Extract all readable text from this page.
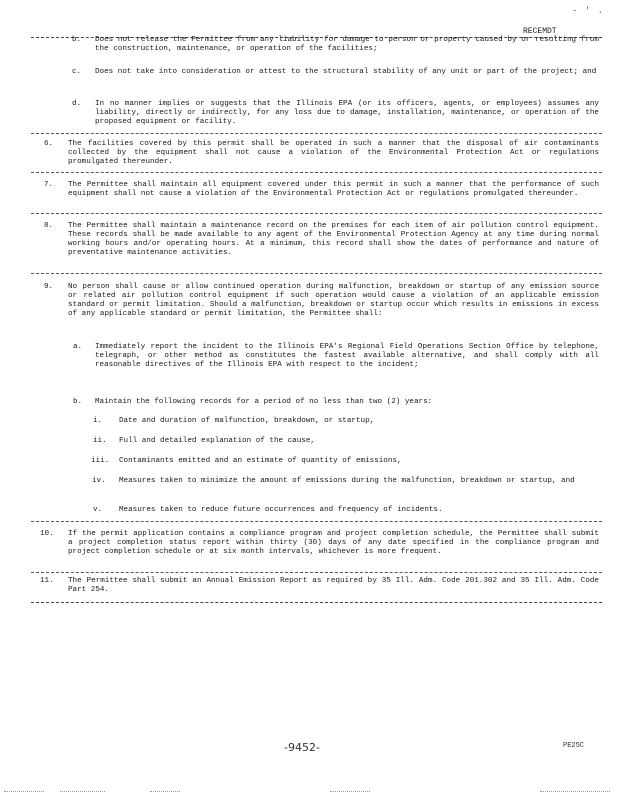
- ' .
RECEMDT
b. Does not release the Permittee from any liability for damage to person or property caused by or resulting from the construction, maintenance, or operation of the facilities;
c. Does not take into consideration or attest to the structural stability of any unit or part of the project; and
d. In no manner implies or suggests that the Illinois EPA (or its officers, agents, or employees) assumes any liability, directly or indirectly, for any loss due to damage, installation, maintenance, or operation of the proposed equipment or facility.
6. The facilities covered by this permit shall be operated in such a manner that the disposal of air contaminants collected by the equipment shall not cause a violation of the Environmental Protection Act or regulations promulgated thereunder.
7. The Permittee shall maintain all equipment covered under this permit in such a manner that the performance of such equipment shall not cause a violation of the Environmental Protection Act or regulations promulgated thereunder.
8. The Permittee shall maintain a maintenance record on the premises for each item of air pollution control equipment. These records shall be made available to any agent of the Environmental Protection Agency at any time during normal working hours and/or operating hours. At a minimum, this record shall show the dates of performance and nature of preventative maintenance activities.
9. No person shall cause or allow continued operation during malfunction, breakdown or startup of any emission source or related air pollution control equipment if such operation would cause a violation of an applicable emission standard or permit limitation. Should a malfunction, breakdown or startup occur which results in emissions in excess of any applicable standard or permit limitation, the Permittee shall:
a. Immediately report the incident to the Illinois EPA's Regional Field Operations Section Office by telephone, telegraph, or other method as constitutes the fastest available alternative, and shall comply with all reasonable directives of the Illinois EPA with respect to the incident;
b. Maintain the following records for a period of no less than two (2) years:
i. Date and duration of malfunction, breakdown, or startup,
ii. Full and detailed explanation of the cause,
iii. Contaminants emitted and an estimate of quantity of emissions,
iv. Measures taken to minimize the amount of emissions during the malfunction, breakdown or startup, and
v. Measures taken to reduce future occurrences and frequency of incidents.
10. If the permit application contains a compliance program and project completion schedule, the Permittee shall submit a project completion status report within thirty (30) days of any date specified in the compliance program and project completion schedule or at six month intervals, whichever is more frequent.
11. The Permittee shall submit an Annual Emission Report as required by 35 Ill. Adm. Code 201.302 and 35 Ill. Adm. Code Part 254.
-9452-	PE25C
